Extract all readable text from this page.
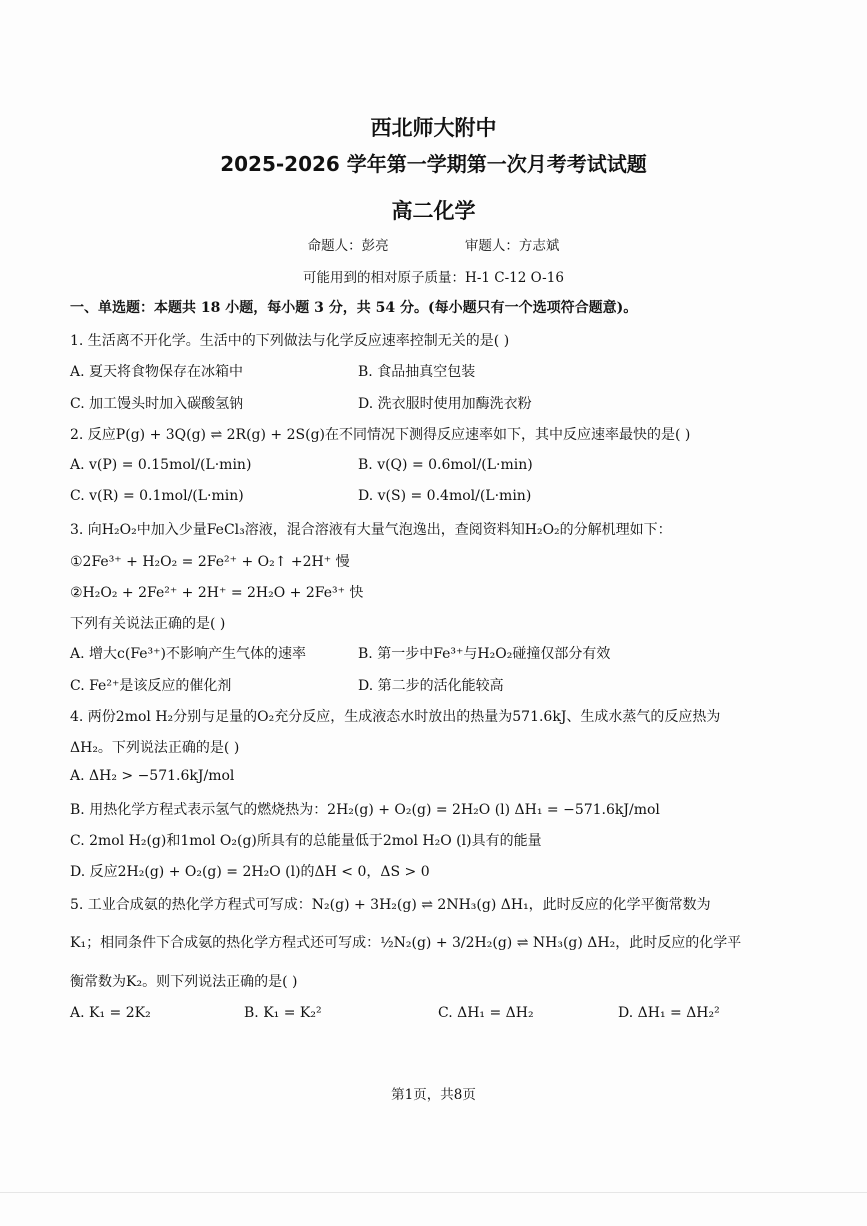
西北师大附中
2025-2026 学年第一学期第一次月考考试试题
高二化学
命题人：彭亮	审题人：方志斌
可能用到的相对原子质量：H-1 C-12 O-16
一、单选题：本题共 18 小题，每小题 3 分，共 54 分。(每小题只有一个选项符合题意)。
1. 生活离不开化学。生活中的下列做法与化学反应速率控制无关的是( )
A. 夏天将食物保存在冰箱中	B. 食品抽真空包装
C. 加工馒头时加入碳酸氢钠	D. 洗衣服时使用加酶洗衣粉
2. 反应P(g) + 3Q(g) ⇌ 2R(g) + 2S(g)在不同情况下测得反应速率如下，其中反应速率最快的是( )
A. v(P) = 0.15mol/(L·min)	B. v(Q) = 0.6mol/(L·min)
C. v(R) = 0.1mol/(L·min)	D. v(S) = 0.4mol/(L·min)
3. 向H₂O₂中加入少量FeCl₃溶液，混合溶液有大量气泡逸出，查阅资料知H₂O₂的分解机理如下：
①2Fe³⁺ + H₂O₂ = 2Fe²⁺ + O₂↑ +2H⁺ 慢
②H₂O₂ + 2Fe²⁺ + 2H⁺ = 2H₂O + 2Fe³⁺ 快
下列有关说法正确的是( )
A. 增大c(Fe³⁺)不影响产生气体的速率	B. 第一步中Fe³⁺与H₂O₂碰撞仅部分有效
C. Fe²⁺是该反应的催化剂	D. 第二步的活化能较高
4. 两份2mol H₂分别与足量的O₂充分反应，生成液态水时放出的热量为571.6kJ、生成水蒸气的反应热为
ΔH₂。下列说法正确的是( )
A. ΔH₂ > −571.6kJ/mol
B. 用热化学方程式表示氢气的燃烧热为：2H₂(g) + O₂(g) = 2H₂O (l) ΔH₁ = −571.6kJ/mol
C. 2mol H₂(g)和1mol O₂(g)所具有的总能量低于2mol H₂O (l)具有的能量
D. 反应2H₂(g) + O₂(g) = 2H₂O (l)的ΔH < 0，ΔS > 0
5. 工业合成氨的热化学方程式可写成：N₂(g) + 3H₂(g) ⇌ 2NH₃(g) ΔH₁，此时反应的化学平衡常数为
K₁；相同条件下合成氨的热化学方程式还可写成：½N₂(g) + 3/2H₂(g) ⇌ NH₃(g) ΔH₂，此时反应的化学平
衡常数为K₂。则下列说法正确的是( )
A. K₁ = 2K₂	B. K₁ = K₂²	C. ΔH₁ = ΔH₂	D. ΔH₁ = ΔH₂²
第1页，共8页
